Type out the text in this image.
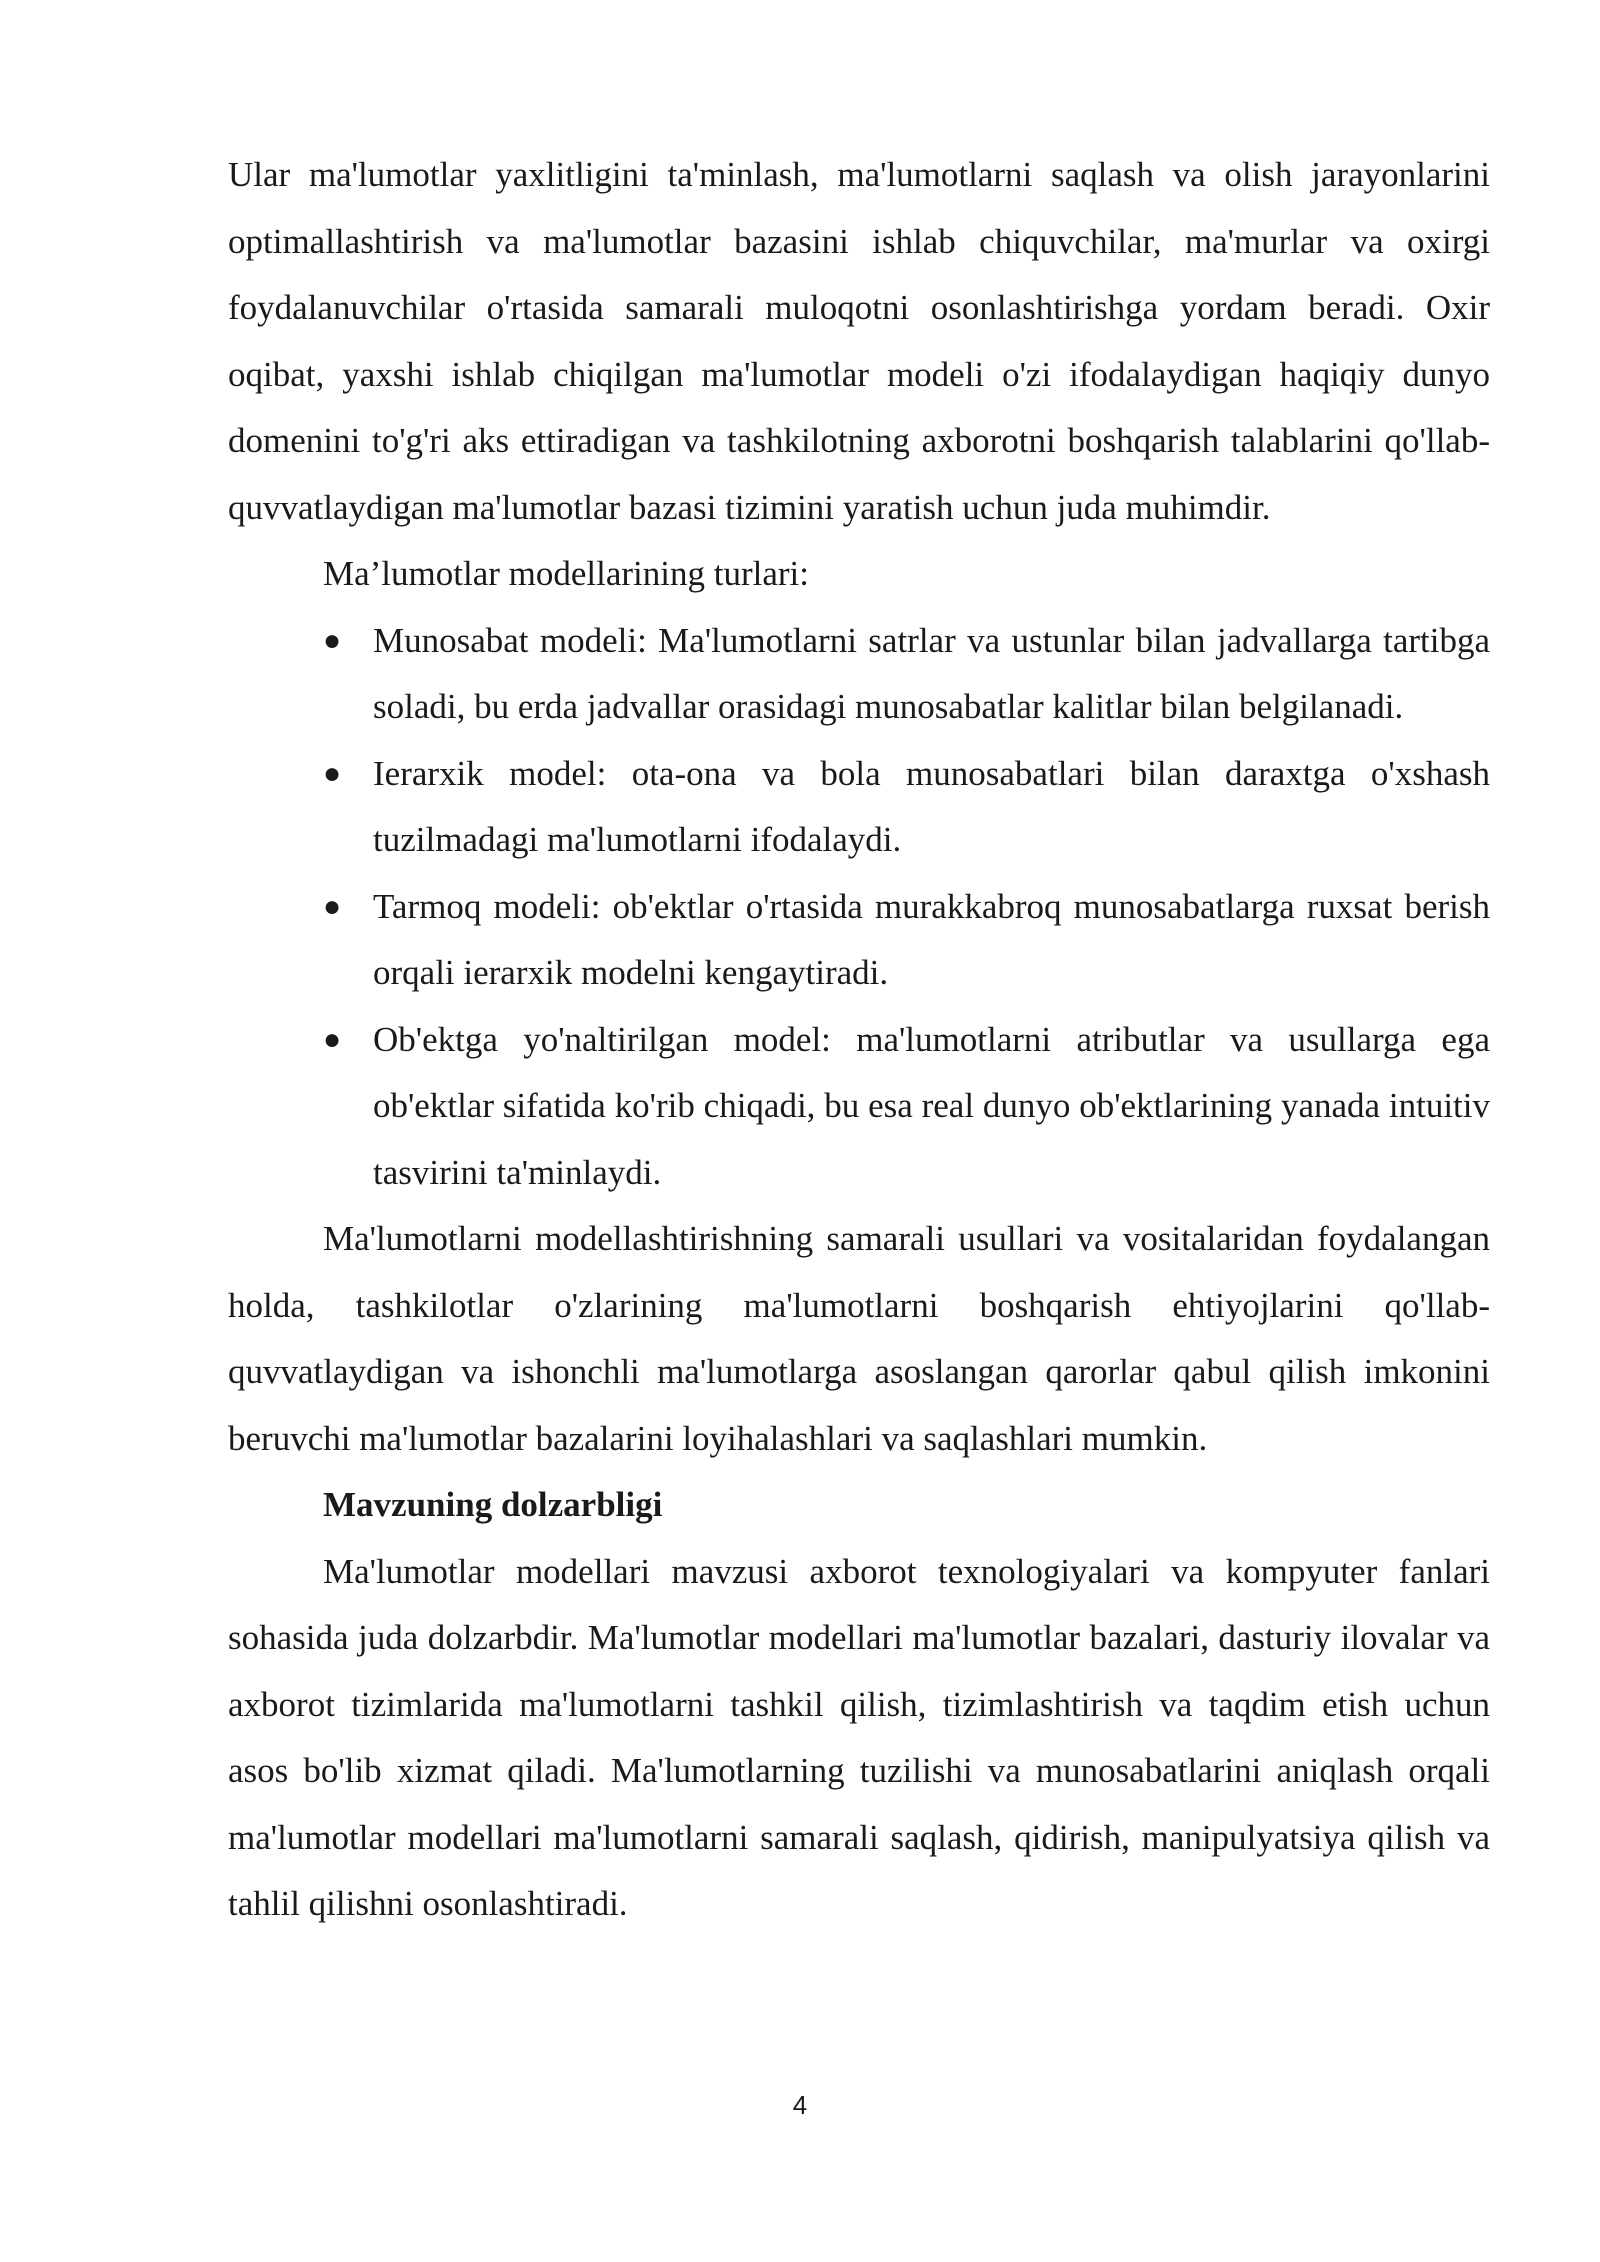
Ular ma'lumotlar yaxlitligini ta'minlash, ma'lumotlarni saqlash va olish jarayonlarini optimallashtirish va ma'lumotlar bazasini ishlab chiquvchilar, ma'murlar va oxirgi foydalanuvchilar o'rtasida samarali muloqotni osonlashtirishga yordam beradi. Oxir oqibat, yaxshi ishlab chiqilgan ma'lumotlar modeli o'zi ifodalaydigan haqiqiy dunyo domenini to'g'ri aks ettiradigan va tashkilotning axborotni boshqarish talablarini qo'llab-quvvatlaydigan ma'lumotlar bazasi tizimini yaratish uchun juda muhimdir.

Ma’lumotlar modellarining turlari:

● Munosabat modeli: Ma'lumotlarni satrlar va ustunlar bilan jadvallarga tartibga soladi, bu erda jadvallar orasidagi munosabatlar kalitlar bilan belgilanadi.
● Ierarxik model: ota-ona va bola munosabatlari bilan daraxtga o'xshash tuzilmadagi ma'lumotlarni ifodalaydi.
● Tarmoq modeli: ob'ektlar o'rtasida murakkabroq munosabatlarga ruxsat berish orqali ierarxik modelni kengaytiradi.
● Ob'ektga yo'naltirilgan model: ma'lumotlarni atributlar va usullarga ega ob'ektlar sifatida ko'rib chiqadi, bu esa real dunyo ob'ektlarining yanada intuitiv tasvirini ta'minlaydi.

Ma'lumotlarni modellashtirishning samarali usullari va vositalaridan foydalangan holda, tashkilotlar o'zlarining ma'lumotlarni boshqarish ehtiyojlarini qo'llab-quvvatlaydigan va ishonchli ma'lumotlarga asoslangan qarorlar qabul qilish imkonini beruvchi ma'lumotlar bazalarini loyihalashlari va saqlashlari mumkin.

Mavzuning dolzarbligi

Ma'lumotlar modellari mavzusi axborot texnologiyalari va kompyuter fanlari sohasida juda dolzarbdir. Ma'lumotlar modellari ma'lumotlar bazalari, dasturiy ilovalar va axborot tizimlarida ma'lumotlarni tashkil qilish, tizimlashtirish va taqdim etish uchun asos bo'lib xizmat qiladi. Ma'lumotlarning tuzilishi va munosabatlarini aniqlash orqali ma'lumotlar modellari ma'lumotlarni samarali saqlash, qidirish, manipulyatsiya qilish va tahlil qilishni osonlashtiradi.

4
